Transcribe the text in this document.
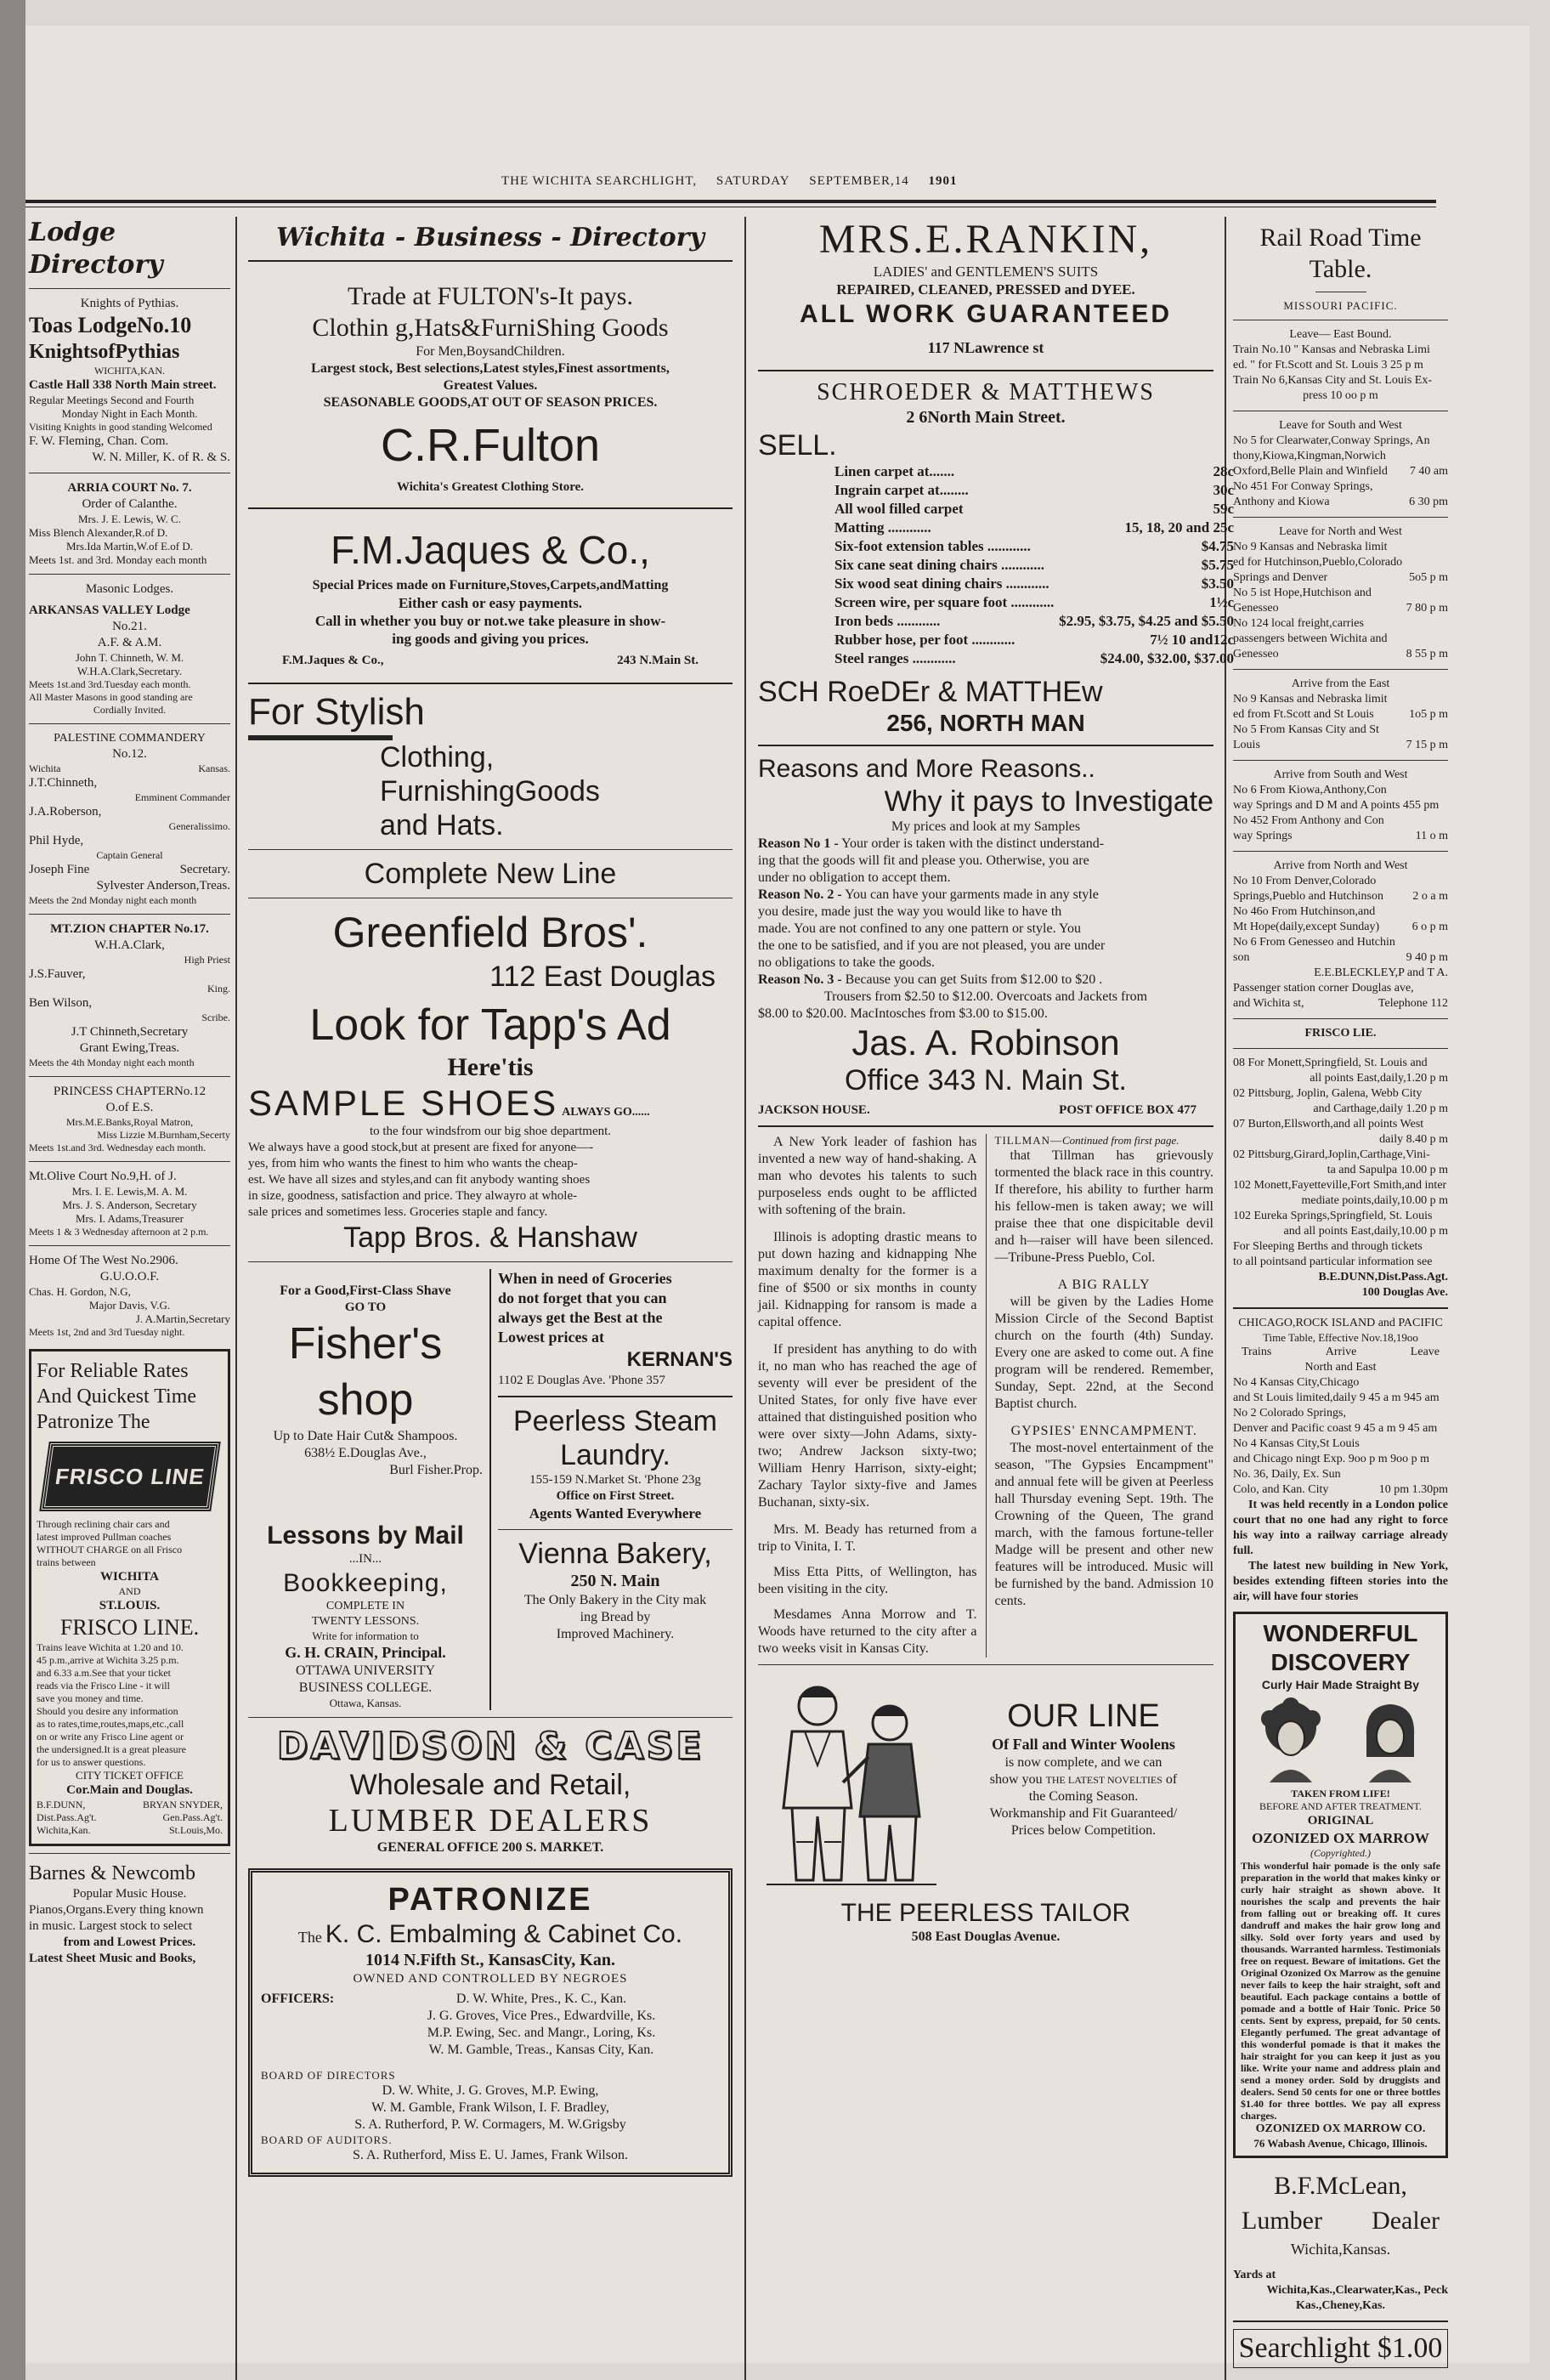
THE WICHITA SEARCHLIGHT, SATURDAY SEPTEMBER,14 1901
Lodge Directory

Knights of Pythias.

Toas LodgeNo.10

KnightsofPythias

WICHITA,KAN.

Castle Hall 338 North Main street.

Regular Meetings Second and Fourth

Monday Night in Each Month.

Visiting Knights in good standing Welcomed

F. W. Fleming, Chan. Com.

W. N. Miller, K. of R. & S.

ARRIA COURT No. 7.

Order of Calanthe.

Mrs. J. E. Lewis, W. C.

Miss Blench Alexander,R.of D.

Mrs.Ida Martin,W.of E.of D.

Meets 1st. and 3rd. Monday each month

Masonic Lodges.

ARKANSAS VALLEY Lodge

No.21.

A.F. & A.M.

John T. Chinneth, W. M.

W.H.A.Clark,Secretary.

Meets 1st.and 3rd.Tuesday each month.

All Master Masons in good standing are

Cordially Invited.

PALESTINE COMMANDERY

No.12.

Wichita	Kansas.

J.T.Chinneth,

Emminent Commander

J.A.Roberson,

Generalissimo.

Phil Hyde,

Captain General

Joseph Fine	Secretary.

Sylvester Anderson,Treas.

Meets the 2nd Monday night each month

MT.ZION CHAPTER No.17.

W.H.A.Clark,

High Priest

J.S.Fauver,

King.

Ben Wilson,

Scribe.

J.T Chinneth,Secretary

Grant Ewing,Treas.

Meets the 4th Monday night each month

PRINCESS CHAPTERNo.12

O.of E.S.

Mrs.M.E.Banks,Royal Matron,

Miss Lizzie M.Burnham,Secerty

Meets 1st.and 3rd. Wednesday each month.

Mt.Olive Court No.9,H. of J.

Mrs. I. E. Lewis,M. A. M.

Mrs. J. S. Anderson, Secretary

Mrs. I. Adams,Treasurer

Meets 1 & 3 Wednesday afternoon at 2 p.m.

Home Of The West No.2906.

G.U.O.O.F.

Chas. H. Gordon, N.G,

Major Davis, V.G.

J. A.Martin,Secretary

Meets 1st, 2nd and 3rd Tuesday night.

For Reliable Rates

And Quickest Time

Patronize The

FRISCO LINE

Through reclining chair cars and

latest improved Pullman coaches

WITHOUT CHARGE on all Frisco

trains between

WICHITA

AND

ST.LOUIS.

FRISCO LINE.

Trains leave Wichita at 1.20 and 10.

45 p.m.,arrive at Wichita 3.25 p.m.

and 6.33 a.m.See that your ticket

reads via the Frisco Line - it will

save you money and time.

Should you desire any information

as to rates,time,routes,maps,etc.,call

on or write any Frisco Line agent or

the undersigned.It is a great pleasure

for us to answer questions.

CITY TICKET OFFICE

Cor.Main and Douglas.

B.F.DUNN,	BRYAN SNYDER,

Dist.Pass.Ag't.	Gen.Pass.Ag't.

Wichita,Kan.	St.Louis,Mo.

Barnes & Newcomb

Popular Music House.

Pianos,Organs.Every thing known

in music. Largest stock to select

from and Lowest Prices.

Latest Sheet Music and Books,

Wichita - Business - Directory

Trade at FULTON's-It pays.

Clothin g,Hats&FurniShing Goods

For Men,BoysandChildren.

Largest stock, Best selections,Latest styles,Finest assortments,

Greatest Values.

SEASONABLE GOODS,AT OUT OF SEASON PRICES.

C.R.Fulton

Wichita's Greatest Clothing Store.

F.M.Jaques & Co.,

Special Prices made on Furniture,Stoves,Carpets,andMatting

Either cash or easy payments.

Call in whether you buy or not.we take pleasure in show-

ing goods and giving you prices.

F.M.Jaques & Co.,	243 N.Main St.

For Stylish

Clothing,

FurnishingGoods

and Hats.

Complete New Line

Greenfield Bros'.

112 East Douglas

Look for Tapp's Ad

Here'tis

SAMPLE SHOES ALWAYS GO......

to the four windsfrom our big shoe department.

We always have a good stock,but at present are fixed for anyone—-

yes, from him who wants the finest to him who wants the cheap-

est. We have all sizes and styles,and can fit anybody wanting shoes

in size, goodness, satisfaction and price. They alwayro at whole-

sale prices and sometimes less. Groceries staple and fancy.

Tapp Bros. & Hanshaw

For a Good,First-Class Shave

GO TO

Fisher's shop

Up to Date Hair Cut& Shampoos.

638½ E.Douglas Ave.,

Burl Fisher.Prop.

Lessons by Mail

...IN...

Bookkeeping,

COMPLETE IN

TWENTY LESSONS.

Write for information to

G. H. CRAIN, Principal.

OTTAWA UNIVERSITY

BUSINESS COLLEGE.

Ottawa, Kansas.

When in need of Groceries

do not forget that you can

always get the Best at the

Lowest prices at

KERNAN'S

1102 E Douglas Ave. 'Phone 357

Peerless Steam

Laundry.

155-159 N.Market St. 'Phone 23g

Office on First Street.

Agents Wanted Everywhere

Vienna Bakery,

250 N. Main

The Only Bakery in the City mak

ing Bread by

Improved Machinery.

DAVIDSON & CASE

Wholesale and Retail,

LUMBER DEALERS

GENERAL OFFICE 200 S. MARKET.

PATRONIZE

The K. C. Embalming & Cabinet Co.

1014 N.Fifth St., KansasCity, Kan.

OWNED AND CONTROLLED BY NEGROES

OFFICERS:	D. W. White, Pres., K. C., Kan.

J. G. Groves, Vice Pres., Edwardville, Ks.

M.P. Ewing, Sec. and Mangr., Loring, Ks.

W. M. Gamble, Treas., Kansas City, Kan.

BOARD OF DIRECTORS

D. W. White, J. G. Groves, M.P. Ewing,

W. M. Gamble, Frank Wilson, I. F. Bradley,

S. A. Rutherford, P. W. Cormagers, M. W.Grigsby

BOARD OF AUDITORS.

S. A. Rutherford, Miss E. U. James, Frank Wilson.

MRS.E.RANKIN,

LADIES' and GENTLEMEN'S SUITS

REPAIRED, CLEANED, PRESSED and DYEE.

ALL WORK GUARANTEED

117 NLawrence st

SCHROEDER & MATTHEWS

2 6North Main Street.

SELL.

Linen carpet at.......	28c
Ingrain carpet at........	30c
All wool filled carpet	59c
Matting ............	15, 18, 20 and 25c
Six-foot extension tables ............	$4.75
Six cane seat dining chairs ............	$5.75
Six wood seat dining chairs ............	$3.50
Screen wire, per square foot ............	1½c
Iron beds ............	$2.95, $3.75, $4.25 and $5.50
Rubber hose, per foot ............	7½ 10 and12c
Steel ranges ............	$24.00, $32.00, $37.00

SCH RoeDEr & MATTHEw

256, NORTH MAN

Reasons and More Reasons..

Why it pays to Investigate

My prices and look at my Samples

Reason No 1 - Your order is taken with the distinct understand-

ing that the goods will fit and please you. Otherwise, you are

under no obligation to accept them.

Reason No. 2 - You can have your garments made in any style

you desire, made just the way you would like to have th

made. You are not confined to any one pattern or style. You

the one to be satisfied, and if you are not pleased, you are under

no obligations to take the goods.

Reason No. 3 - Because you can get Suits from $12.00 to $20 .

Trousers from $2.50 to $12.00. Overcoats and Jackets from

$8.00 to $20.00. MacIntosches from $3.00 to $15.00.

Jas. A. Robinson

Office 343 N. Main St.

JACKSON HOUSE.	POST OFFICE BOX 477

A New York leader of fashion has invented a new way of hand-shaking. A man who devotes his talents to such purposeless ends ought to be afflicted with softening of the brain.

Illinois is adopting drastic means to put down hazing and kidnapping Nhe maximum denalty for the former is a fine of $500 or six months in county jail. Kidnapping for ransom is made a capital offence.

If president has anything to do with it, no man who has reached the age of seventy will ever be president of the United States, for only five have ever attained that distinguished position who were over sixty—John Adams, sixty-two; Andrew Jackson sixty-two; William Henry Harrison, sixty-eight; Zachary Taylor sixty-five and James Buchanan, sixty-six.

Mrs. M. Beady has returned from a trip to Vinita, I. T.

Miss Etta Pitts, of Wellington, has been visiting in the city.

Mesdames Anna Morrow and T. Woods have returned to the city after a two weeks visit in Kansas City.

TILLMAN—Continued from first page.

that Tillman has grievously tormented the black race in this country. If therefore, his ability to further harm his fellow-men is taken away; we will praise thee that one dispicitable devil and h—raiser will have been silenced.—Tribune-Press Pueblo, Col.

A BIG RALLY

will be given by the Ladies Home Mission Circle of the Second Baptist church on the fourth (4th) Sunday. Every one are asked to come out. A fine program will be rendered. Remember, Sunday, Sept. 22nd, at the Second Baptist church.

GYPSIES' ENNCAMPMENT.

The most-novel entertainment of the season, "The Gypsies Encampment" and annual fete will be given at Peerless hall Thursday evening Sept. 19th. The Crowning of the Queen, The grand march, with the famous fortune-teller Madge will be present and other new features will be introduced. Music will be furnished by the band. Admission 10 cents.

OUR LINE

Of Fall and Winter Woolens

is now complete, and we can

show you THE LATEST NOVELTIES of

the Coming Season.

Workmanship and Fit Guaranteed/

Prices below Competition.

THE PEERLESS TAILOR

508 East Douglas Avenue.

Rail Road Time Table.

MISSOURI PACIFIC.

Leave— East Bound.

Train No.10 " Kansas and Nebraska Limi

ed. " for Ft.Scott and St. Louis 3 25 p m

Train No 6,Kansas City and St. Louis Ex-

press 10 oo p m

Leave for South and West

No 5 for Clearwater,Conway Springs, An

thony,Kiowa,Kingman,Norwich

Oxford,Belle Plain and Winfield 7 40 am

No 451 For Conway Springs,

Anthony and Kiowa	6 30 pm

Leave for North and West

No 9 Kansas and Nebraska limit

ed for Hutchinson,Pueblo,Colorado

Springs and Denver	5o5 p m

No 5 ist Hope,Hutchison and

Genesseo	7 80 p m

No 124 local freight,carries

passengers between Wichita and

Genesseo	8 55 p m

Arrive from the East

No 9 Kansas and Nebraska limit

ed from Ft.Scott and St Louis	1o5 p m

No 5 From Kansas City and St

Louis	7 15 p m

Arrive from South and West

No 6 From Kiowa,Anthony,Con

way Springs and D M and A points 455 pm

No 452 From Anthony and Con

way Springs	11 o m

Arrive from North and West

No 10 From Denver,Colorado

Springs,Pueblo and Hutchinson 2 o a m

No 46o From Hutchinson,and

Mt Hope(daily,except Sunday)	6 o p m

No 6 From Genesseo and Hutchin

son	9 40 p m

E.E.BLECKLEY,P and T A.

Passenger station corner Douglas ave,

and Wichita st,	Telephone 112

FRISCO LIE.

08 For Monett,Springfield, St. Louis and

all points East,daily,1.20 p m

02 Pittsburg, Joplin, Galena, Webb City

and Carthage,daily 1.20 p m

07 Burton,Ellsworth,and all points West

daily 8.40 p m

02 Pittsburg,Girard,Joplin,Carthage,Vini-

ta and Sapulpa 10.00 p m

102 Monett,Fayetteville,Fort Smith,and inter

mediate points,daily,10.00 p m

102 Eureka Springs,Springfield, St. Louis

and all points East,daily,10.00 p m

For Sleeping Berths and through tickets

to all pointsand particular information see

B.E.DUNN,Dist.Pass.Agt.

100 Douglas Ave.

CHICAGO,ROCK ISLAND and PACIFIC

Time Table, Effective Nov.18,19oo

Trains	Arrive	Leave

North and East

No 4 Kansas City,Chicago

and St Louis limited,daily 9 45 a m 945 am

No 2 Colorado Springs,

Denver and Pacific coast 9 45 a m 9 45 am

No 4 Kansas City,St Louis

and Chicago ningt Exp. 9oo p m 9oo p m

No. 36, Daily, Ex. Sun

Colo, and Kan. City	10 pm 1.30pm

It was held recently in a London police court that no one had any right to force his way into a railway carriage already full.

The latest new building in New York, besides extending fifteen stories into the air, will have four stories

WONDERFUL

DISCOVERY

Curly Hair Made Straight By

TAKEN FROM LIFE!

BEFORE AND AFTER TREATMENT.

ORIGINAL

OZONIZED OX MARROW

(Copyrighted.)

This wonderful hair pomade is the only safe preparation in the world that makes kinky or curly hair straight as shown above. It nourishes the scalp and prevents the hair from falling out or breaking off. It cures dandruff and makes the hair grow long and silky. Sold over forty years and used by thousands. Warranted harmless. Testimonials free on request. Beware of imitations. Get the Original Ozonized Ox Marrow as the genuine never fails to keep the hair straight, soft and beautiful. Each package contains a bottle of pomade and a bottle of Hair Tonic. Price 50 cents. Sent by express, prepaid, for 50 cents. Elegantly perfumed. The great advantage of this wonderful pomade is that it makes the hair straight for you can keep it just as you like. Write your name and address plain and send a money order. Sold by druggists and dealers. Send 50 cents for one or three bottles $1.40 for three bottles. We pay all express charges.

OZONIZED OX MARROW CO.

76 Wabash Avenue, Chicago, Illinois.

B.F.McLean,

Lumber Dealer

Wichita,Kansas.

Yards at

Wichita,Kas.,Clearwater,Kas., Peck

Kas.,Cheney,Kas.

Searchlight $1.00
